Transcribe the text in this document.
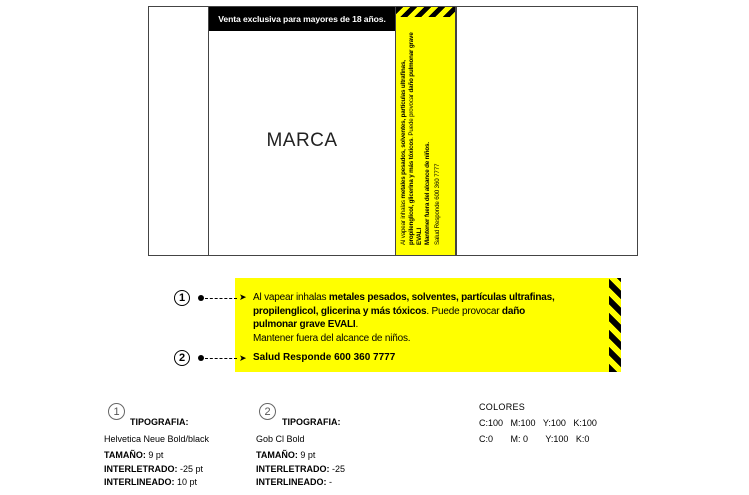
Venta exclusiva para mayores de 18 años.
MARCA
Al vapear inhalas metales pesados, solventes, partículas ultrafinas, propilenglicol, glicerina y más tóxicos. Puede provocar daño pulmonar grave EVALI Mantener fuera del alcance de niños. Salud Responde 600 360 7777
➤ Al vapear inhalas metales pesados, solventes, partículas ultrafinas,
propilenglicol, glicerina y más tóxicos. Puede provocar daño
pulmonar grave EVALI.
Mantener fuera del alcance de niños.
➤ Salud Responde 600 360 7777
1
2
1
TIPOGRAFIA:
Helvetica Neue Bold/black
TAMAÑO: 9 pt
INTERLETRADO: -25 pt
INTERLINEADO: 10 pt
2
TIPOGRAFIA:
Gob Cl Bold
TAMAÑO: 9 pt
INTERLETRADO: -25
INTERLINEADO: -
COLORES
C:100   M:100   Y:100   K:100
C:0       M: 0       Y:100   K:0
